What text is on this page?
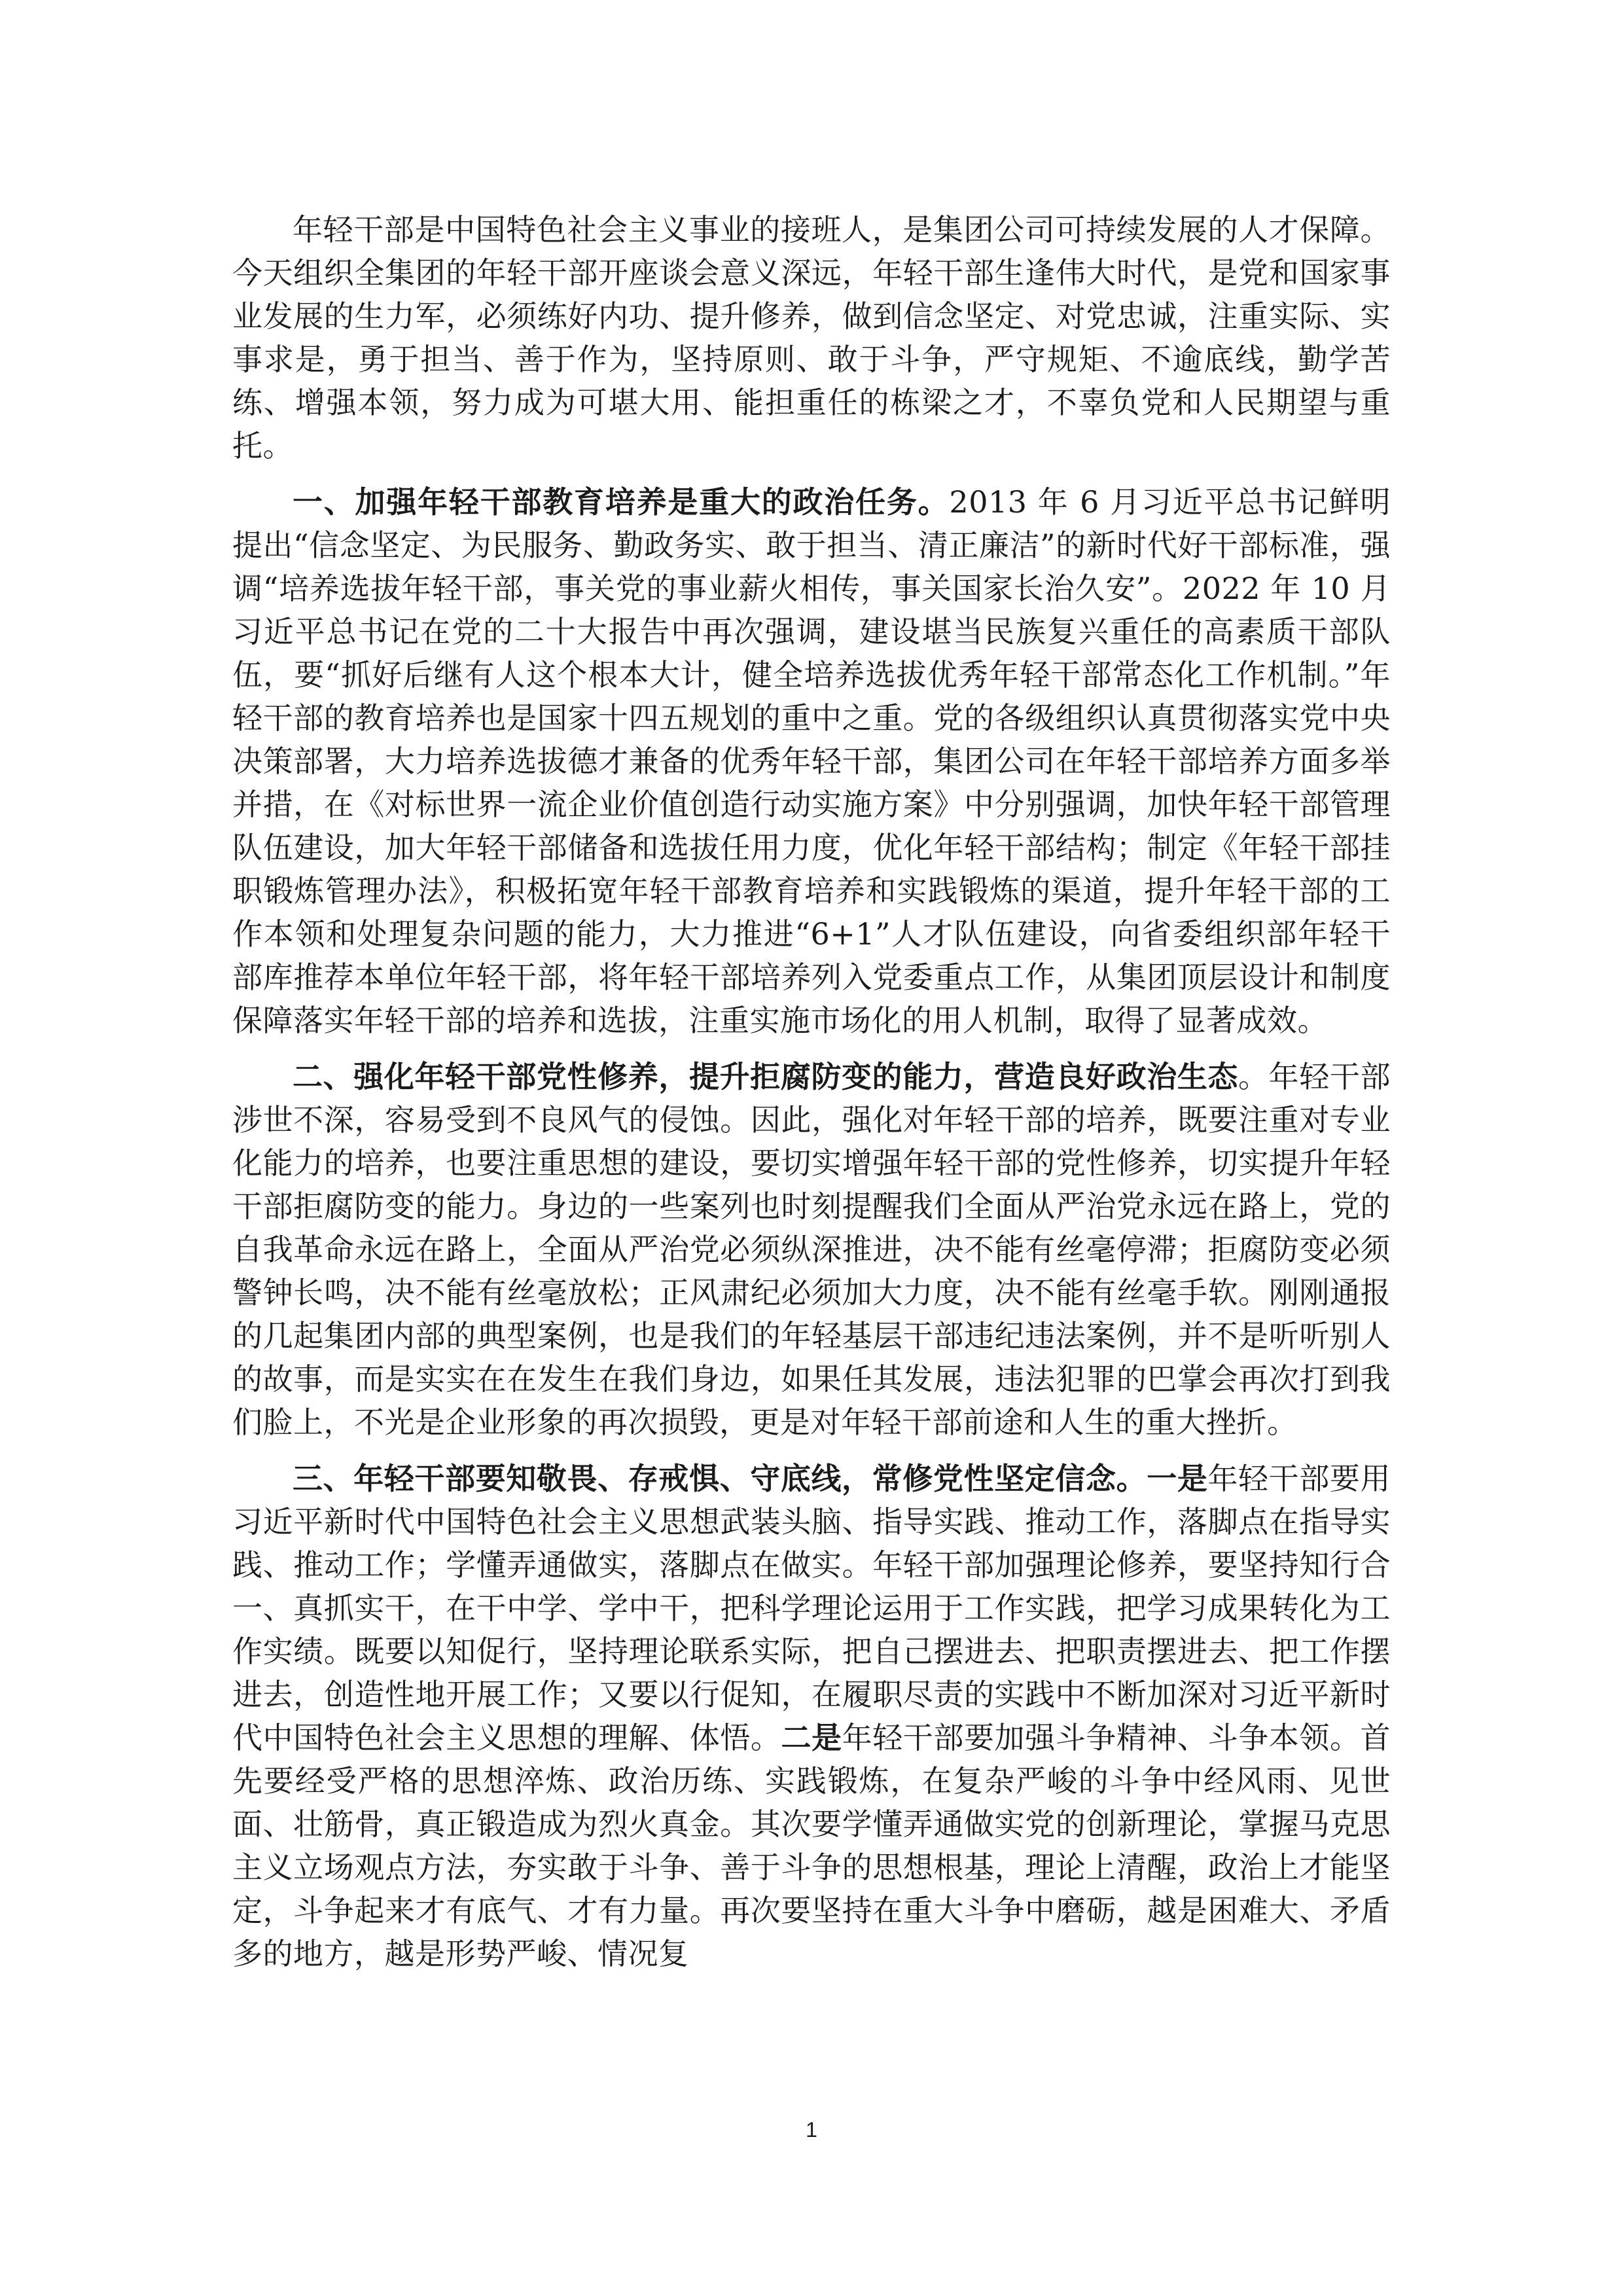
年轻干部是中国特色社会主义事业的接班人，是集团公司可持续发展的人才保障。今天组织全集团的年轻干部开座谈会意义深远，年轻干部生逢伟大时代，是党和国家事业发展的生力军，必须练好内功、提升修养，做到信念坚定、对党忠诚，注重实际、实事求是，勇于担当、善于作为，坚持原则、敢于斗争，严守规矩、不逾底线，勤学苦练、增强本领，努力成为可堪大用、能担重任的栋梁之才，不辜负党和人民期望与重托。

一、加强年轻干部教育培养是重大的政治任务。2013 年 6 月习近平总书记鲜明提出“信念坚定、为民服务、勤政务实、敢于担当、清正廉洁”的新时代好干部标准，强调“培养选拔年轻干部，事关党的事业薪火相传，事关国家长治久安”。2022 年 10 月习近平总书记在党的二十大报告中再次强调，建设堪当民族复兴重任的高素质干部队伍，要“抓好后继有人这个根本大计，健全培养选拔优秀年轻干部常态化工作机制。”年轻干部的教育培养也是国家十四五规划的重中之重。党的各级组织认真贯彻落实党中央决策部署，大力培养选拔德才兼备的优秀年轻干部，集团公司在年轻干部培养方面多举并措，在《对标世界一流企业价值创造行动实施方案》中分别强调，加快年轻干部管理队伍建设，加大年轻干部储备和选拔任用力度，优化年轻干部结构；制定《年轻干部挂职锻炼管理办法》，积极拓宽年轻干部教育培养和实践锻炼的渠道，提升年轻干部的工作本领和处理复杂问题的能力，大力推进“6+1”人才队伍建设，向省委组织部年轻干部库推荐本单位年轻干部，将年轻干部培养列入党委重点工作，从集团顶层设计和制度保障落实年轻干部的培养和选拔，注重实施市场化的用人机制，取得了显著成效。

二、强化年轻干部党性修养，提升拒腐防变的能力，营造良好政治生态。年轻干部涉世不深，容易受到不良风气的侵蚀。因此，强化对年轻干部的培养，既要注重对专业化能力的培养，也要注重思想的建设，要切实增强年轻干部的党性修养，切实提升年轻干部拒腐防变的能力。身边的一些案列也时刻提醒我们全面从严治党永远在路上，党的自我革命永远在路上，全面从严治党必须纵深推进，决不能有丝毫停滞；拒腐防变必须警钟长鸣，决不能有丝毫放松；正风肃纪必须加大力度，决不能有丝毫手软。刚刚通报的几起集团内部的典型案例，也是我们的年轻基层干部违纪违法案例，并不是听听别人的故事，而是实实在在发生在我们身边，如果任其发展，违法犯罪的巴掌会再次打到我们脸上，不光是企业形象的再次损毁，更是对年轻干部前途和人生的重大挫折。

三、年轻干部要知敬畏、存戒惧、守底线，常修党性坚定信念。一是年轻干部要用习近平新时代中国特色社会主义思想武装头脑、指导实践、推动工作，落脚点在指导实践、推动工作；学懂弄通做实，落脚点在做实。年轻干部加强理论修养，要坚持知行合一、真抓实干，在干中学、学中干，把科学理论运用于工作实践，把学习成果转化为工作实绩。既要以知促行，坚持理论联系实际，把自己摆进去、把职责摆进去、把工作摆进去，创造性地开展工作；又要以行促知，在履职尽责的实践中不断加深对习近平新时代中国特色社会主义思想的理解、体悟。二是年轻干部要加强斗争精神、斗争本领。首先要经受严格的思想淬炼、政治历练、实践锻炼，在复杂严峻的斗争中经风雨、见世面、壮筋骨，真正锻造成为烈火真金。其次要学懂弄通做实党的创新理论，掌握马克思主义立场观点方法，夯实敢于斗争、善于斗争的思想根基，理论上清醒，政治上才能坚定，斗争起来才有底气、才有力量。再次要坚持在重大斗争中磨砺，越是困难大、矛盾多的地方，越是形势严峻、情况复

1
